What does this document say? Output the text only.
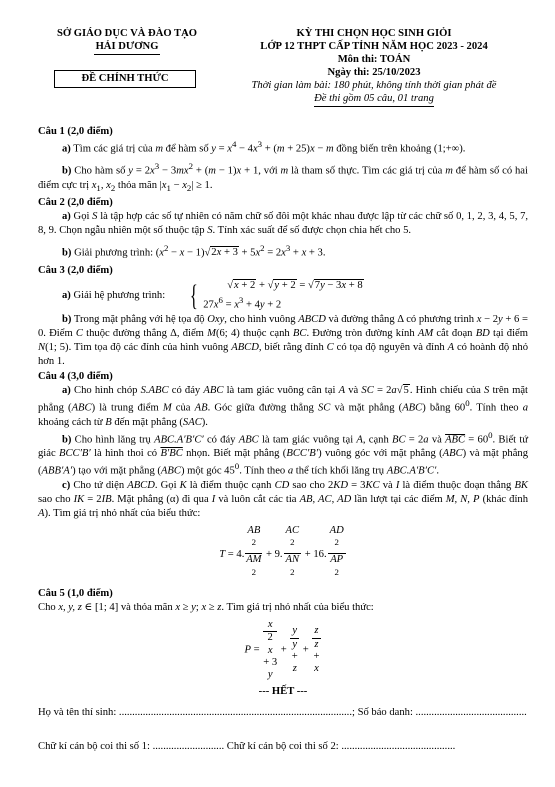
SỞ GIÁO DỤC VÀ ĐÀO TẠO
HẢI DƯƠNG
ĐỀ CHÍNH THỨC
KỲ THI CHỌN HỌC SINH GIỎI
LỚP 12 THPT CẤP TỈNH NĂM HỌC 2023 - 2024
Môn thi: TOÁN
Ngày thi: 25/10/2023
Thời gian làm bài: 180 phút, không tính thời gian phát đề
Đề thi gồm 05 câu, 01 trang
Câu 1 (2,0 điểm)

a) Tìm các giá trị của m để hàm số $y = x^4 - 4x^3 + (m + 25)x - m$ đồng biến trên khoảng (1;+∞).

b) Cho hàm số $y = 2x^3 - 3mx^2 + (m - 1)x + 1$, với m là tham số thực. Tìm các giá trị của m để hàm số có hai điểm cực trị $x_1$, $x_2$ thỏa mãn $|x_1 - x_2| \ge 1$.

Câu 2 (2,0 điểm)

a) Gọi S là tập hợp các số tự nhiên có năm chữ số đôi một khác nhau được lập từ các chữ số 0, 1, 2, 3, 4, 5, 7, 8, 9. Chọn ngẫu nhiên một số thuộc tập S. Tính xác suất để số được chọn chia hết cho 5.

b) Giải phương trình: $(x^2 - x - 1)√2x + 3 + 5x^2 = 2x^3 + x + 3$.

Câu 3 (2,0 điểm)

a) Giải hệ phương trình: {	√x + 2 + √y + 2 = √7y − 3x + 8
$27x^6 = x^3 + 4y + 2$

b) Trong mặt phẳng với hệ tọa độ Oxy, cho hình vuông ABCD và đường thẳng Δ có phương trình x − 2y + 6 = 0. Điểm C thuộc đường thẳng Δ, điểm M(6; 4) thuộc cạnh BC. Đường tròn đường kính AM cắt đoạn BD tại điểm N(1; 5). Tìm tọa độ các đỉnh của hình vuông ABCD, biết rằng đỉnh C có tọa độ nguyên và đỉnh A có hoành độ nhỏ hơn 1.

Câu 4 (3,0 điểm)

a) Cho hình chóp S.ABC có đáy ABC là tam giác vuông cân tại A và SC = 2a√5. Hình chiếu của S trên mặt phẳng (ABC) là trung điểm M của AB. Góc giữa đường thẳng SC và mặt phẳng (ABC) bằng $60^0$. Tính theo a khoảng cách từ B đến mặt phẳng (SAC).

b) Cho hình lăng trụ ABC.A′B′C′ có đáy ABC là tam giác vuông tại A, cạnh BC = 2a và $\overline{ABC} = 60^0$. Biết tứ giác BCC′B′ là hình thoi có B′BC nhọn. Biết mặt phẳng (BCC′B′) vuông góc với mặt phẳng (ABC) và mặt phẳng (ABB′A′) tạo với mặt phẳng (ABC) một góc $45^0$. Tính theo a thể tích khối lăng trụ ABC.A′B′C′.

c) Cho tứ diện ABCD. Gọi K là điểm thuộc cạnh CD sao cho 2KD = 3KC và I là điểm thuộc đoạn thẳng BK sao cho IK = 2IB. Mặt phẳng (α) đi qua I và luôn cắt các tia AB, AC, AD lần lượt tại các điểm M, N, P (khác đỉnh A). Tìm giá trị nhỏ nhất của biểu thức:

T = 4. AB
$^2$
AM
$^2$ + 9. AC
$^2$
AN
$^2$ + 16. AD
$^2$
AP
$^2$
Câu 5 (1,0 điểm)

Cho x, y, z ∈ [1; 4] và thỏa mãn x ≥ y; x ≥ z. Tìm giá trị nhỏ nhất của biểu thức:

P = x
2
x
+ 3
y + y
y
+
z + z
z
+
x
--- HẾT ---
Họ và tên thí sinh: ........................................................................................; Số báo danh: ..........................................
Chữ kí cán bộ coi thi số 1: ........................... Chữ kí cán bộ coi thi số 2: ...........................................
